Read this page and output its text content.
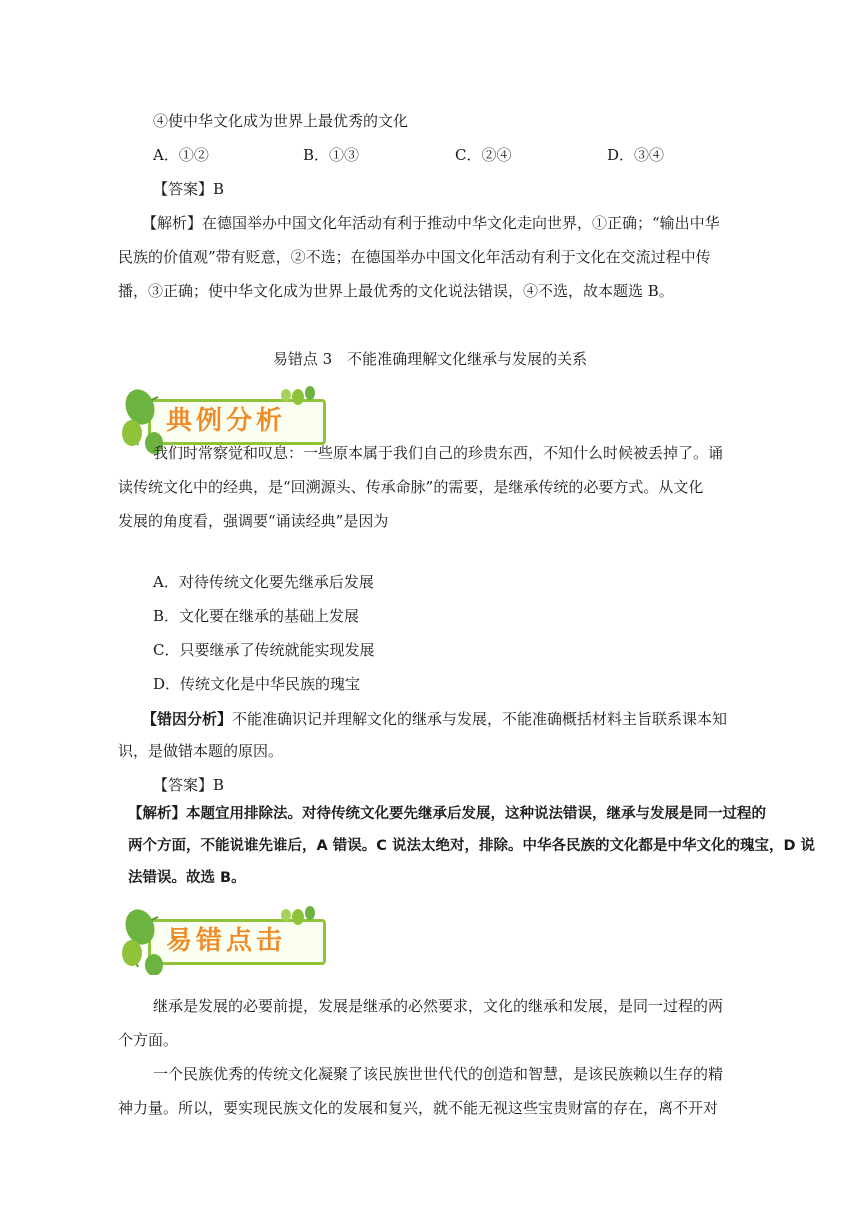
④使中华文化成为世界上最优秀的文化
A．①②	B．①③	C．②④	D．③④
【答案】B
【解析】在德国举办中国文化年活动有利于推动中华文化走向世界，①正确；“输出中华
民族的价值观”带有贬意，②不选；在德国举办中国文化年活动有利于文化在交流过程中传
播，③正确；使中华文化成为世界上最优秀的文化说法错误，④不选，故本题选 B。
易错点 3　不能准确理解文化继承与发展的关系
典例分析
我们时常察觉和叹息：一些原本属于我们自己的珍贵东西，不知什么时候被丢掉了。诵
读传统文化中的经典，是“回溯源头、传承命脉”的需要，是继承传统的必要方式。从文化
发展的角度看，强调要“诵读经典”是因为
A．对待传统文化要先继承后发展
B．文化要在继承的基础上发展
C．只要继承了传统就能实现发展
D．传统文化是中华民族的瑰宝
【错因分析】不能准确识记并理解文化的继承与发展，不能准确概括材料主旨联系课本知
识，是做错本题的原因。
【答案】B
【解析】本题宜用排除法。对待传统文化要先继承后发展，这种说法错误，继承与发展是同一过程的
两个方面，不能说谁先谁后，A 错误。C 说法太绝对，排除。中华各民族的文化都是中华文化的瑰宝，D 说
法错误。故选 B。
易错点击
继承是发展的必要前提，发展是继承的必然要求，文化的继承和发展，是同一过程的两
个方面。
一个民族优秀的传统文化凝聚了该民族世世代代的创造和智慧，是该民族赖以生存的精
神力量。所以，要实现民族文化的发展和复兴，就不能无视这些宝贵财富的存在，离不开对
